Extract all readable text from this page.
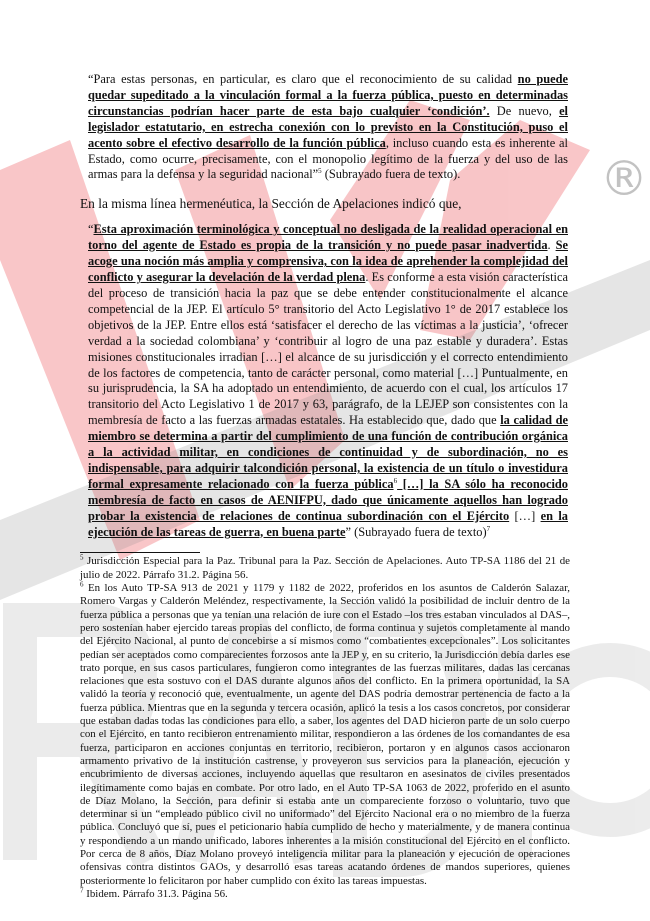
®
“Para estas personas, en particular, es claro que el reconocimiento de su calidad no puede quedar supeditado a la vinculación formal a la fuerza pública, puesto en determinadas circunstancias podrían hacer parte de esta bajo cualquier ‘condición’. De nuevo, el legislador estatutario, en estrecha conexión con lo previsto en la Constitución, puso el acento sobre el efectivo desarrollo de la función pública, incluso cuando esta es inherente al Estado, como ocurre, precisamente, con el monopolio legítimo de la fuerza y del uso de las armas para la defensa y la seguridad nacional”$^5$ (Subrayado fuera de texto).
En la misma línea hermenéutica, la Sección de Apelaciones indicó que,
“Esta aproximación terminológica y conceptual no desligada de la realidad operacional en torno del agente de Estado es propia de la transición y no puede pasar inadvertida. Se acoge una noción más amplia y comprensiva, con la idea de aprehender la complejidad del conflicto y asegurar la develación de la verdad plena. Es conforme a esta visión característica del proceso de transición hacia la paz que se debe entender constitucionalmente el alcance competencial de la JEP. El artículo 5° transitorio del Acto Legislativo 1° de 2017 establece los objetivos de la JEP. Entre ellos está ‘satisfacer el derecho de las víctimas a la justicia’, ‘ofrecer verdad a la sociedad colombiana’ y ‘contribuir al logro de una paz estable y duradera’. Estas misiones constitucionales irradian […] el alcance de su jurisdicción y el correcto entendimiento de los factores de competencia, tanto de carácter personal, como material […] Puntualmente, en su jurisprudencia, la SA ha adoptado un entendimiento, de acuerdo con el cual, los artículos 17 transitorio del Acto Legislativo 1 de 2017 y 63, parágrafo, de la LEJEP son consistentes con la membresía de facto a las fuerzas armadas estatales. Ha establecido que, dado que la calidad de miembro se determina a partir del cumplimiento de una función de contribución orgánica a la actividad militar, en condiciones de continuidad y de subordinación, no es indispensable, para adquirir talcondición personal, la existencia de un título o investidura formal expresamente relacionado con la fuerza pública$^6$ […] la SA sólo ha reconocido membresía de facto en casos de AENIFPU, dado que únicamente aquellos han logrado probar la existencia de relaciones de continua subordinación con el Ejército […] en la ejecución de las tareas de guerra, en buena parte” (Subrayado fuera de texto)$^7$
$^5$ Jurisdicción Especial para la Paz. Tribunal para la Paz. Sección de Apelaciones. Auto TP-SA 1186 del 21 de julio de 2022. Párrafo 31.2. Página 56.
$^6$ En los Auto TP-SA 913 de 2021 y 1179 y 1182 de 2022, proferidos en los asuntos de Calderón Salazar, Romero Vargas y Calderón Meléndez, respectivamente, la Sección validó la posibilidad de incluir dentro de la fuerza pública a personas que ya tenían una relación de iure con el Estado –los tres estaban vinculados al DAS–, pero sostenían haber ejercido tareas propias del conflicto, de forma continua y sujetos completamente al mando del Ejército Nacional, al punto de concebirse a sí mismos como “combatientes excepcionales”. Los solicitantes pedían ser aceptados como comparecientes forzosos ante la JEP y, en su criterio, la Jurisdicción debía darles ese trato porque, en sus casos particulares, fungieron como integrantes de las fuerzas militares, dadas las cercanas relaciones que esta sostuvo con el DAS durante algunos años del conflicto. En la primera oportunidad, la SA validó la teoría y reconoció que, eventualmente, un agente del DAS podría demostrar pertenencia de facto a la fuerza pública. Mientras que en la segunda y tercera ocasión, aplicó la tesis a los casos concretos, por considerar que estaban dadas todas las condiciones para ello, a saber, los agentes del DAD hicieron parte de un solo cuerpo con el Ejército, en tanto recibieron entrenamiento militar, respondieron a las órdenes de los comandantes de esa fuerza, participaron en acciones conjuntas en territorio, recibieron, portaron y en algunos casos accionaron armamento privativo de la institución castrense, y proveyeron sus servicios para la planeación, ejecución y encubrimiento de diversas acciones, incluyendo aquellas que resultaron en asesinatos de civiles presentados ilegítimamente como bajas en combate. Por otro lado, en el Auto TP-SA 1063 de 2022, proferido en el asunto de Díaz Molano, la Sección, para definir si estaba ante un compareciente forzoso o voluntario, tuvo que determinar si un “empleado público civil no uniformado” del Ejército Nacional era o no miembro de la fuerza pública. Concluyó que sí, pues el peticionario había cumplido de hecho y materialmente, y de manera continua y respondiendo a un mando unificado, labores inherentes a la misión constitucional del Ejército en el conflicto. Por cerca de 8 años, Díaz Molano proveyó inteligencia militar para la planeación y ejecución de operaciones ofensivas contra distintos GAOs, y desarrolló esas tareas acatando órdenes de mandos superiores, quienes posteriormente lo felicitaron por haber cumplido con éxito las tareas impuestas.
$^7$ Ibidem. Párrafo 31.3. Página 56.
